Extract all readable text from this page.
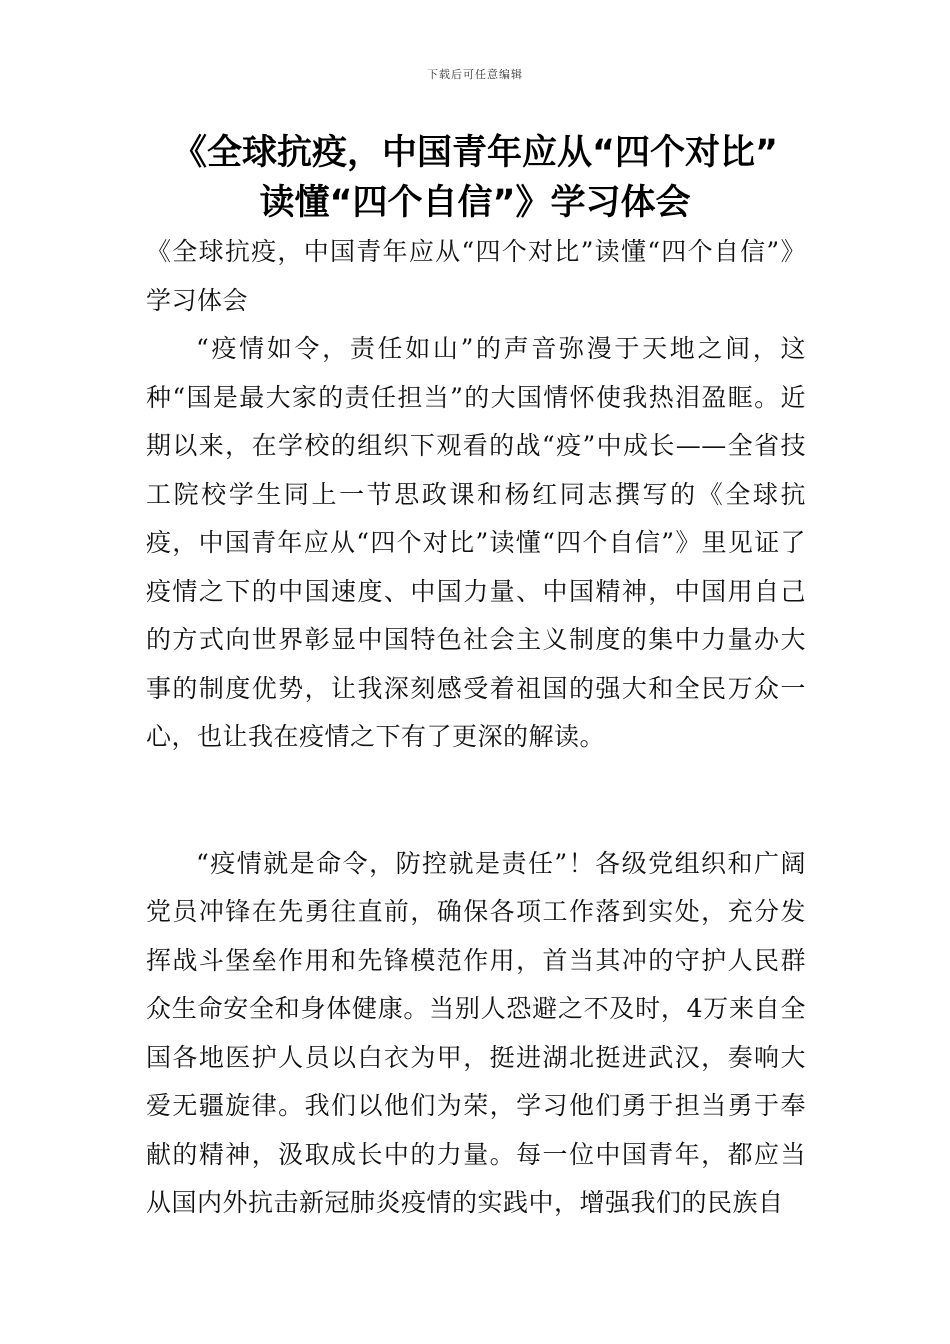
下载后可任意编辑
《全球抗疫，中国青年应从“四个对比”
读懂“四个自信”》学习体会

《全球抗疫，中国青年应从“四个对比”读懂“四个自信”》学习体会

“疫情如令，责任如山”的声音弥漫于天地之间，这种“国是最大家的责任担当”的大国情怀使我热泪盈眶。近期以来，在学校的组织下观看的战“疫”中成长——全省技工院校学生同上一节思政课和杨红同志撰写的《全球抗疫，中国青年应从“四个对比”读懂“四个自信”》里见证了疫情之下的中国速度、中国力量、中国精神，中国用自己的方式向世界彰显中国特色社会主义制度的集中力量办大事的制度优势，让我深刻感受着祖国的强大和全民万众一心，也让我在疫情之下有了更深的解读。

“疫情就是命令，防控就是责任”！各级党组织和广阔党员冲锋在先勇往直前，确保各项工作落到实处，充分发挥战斗堡垒作用和先锋模范作用，首当其冲的守护人民群众生命安全和身体健康。当别人恐避之不及时，4万来自全国各地医护人员以白衣为甲，挺进湖北挺进武汉，奏响大爱无疆旋律。我们以他们为荣，学习他们勇于担当勇于奉献的精神，汲取成长中的力量。每一位中国青年，都应当从国内外抗击新冠肺炎疫情的实践中，增强我们的民族自
